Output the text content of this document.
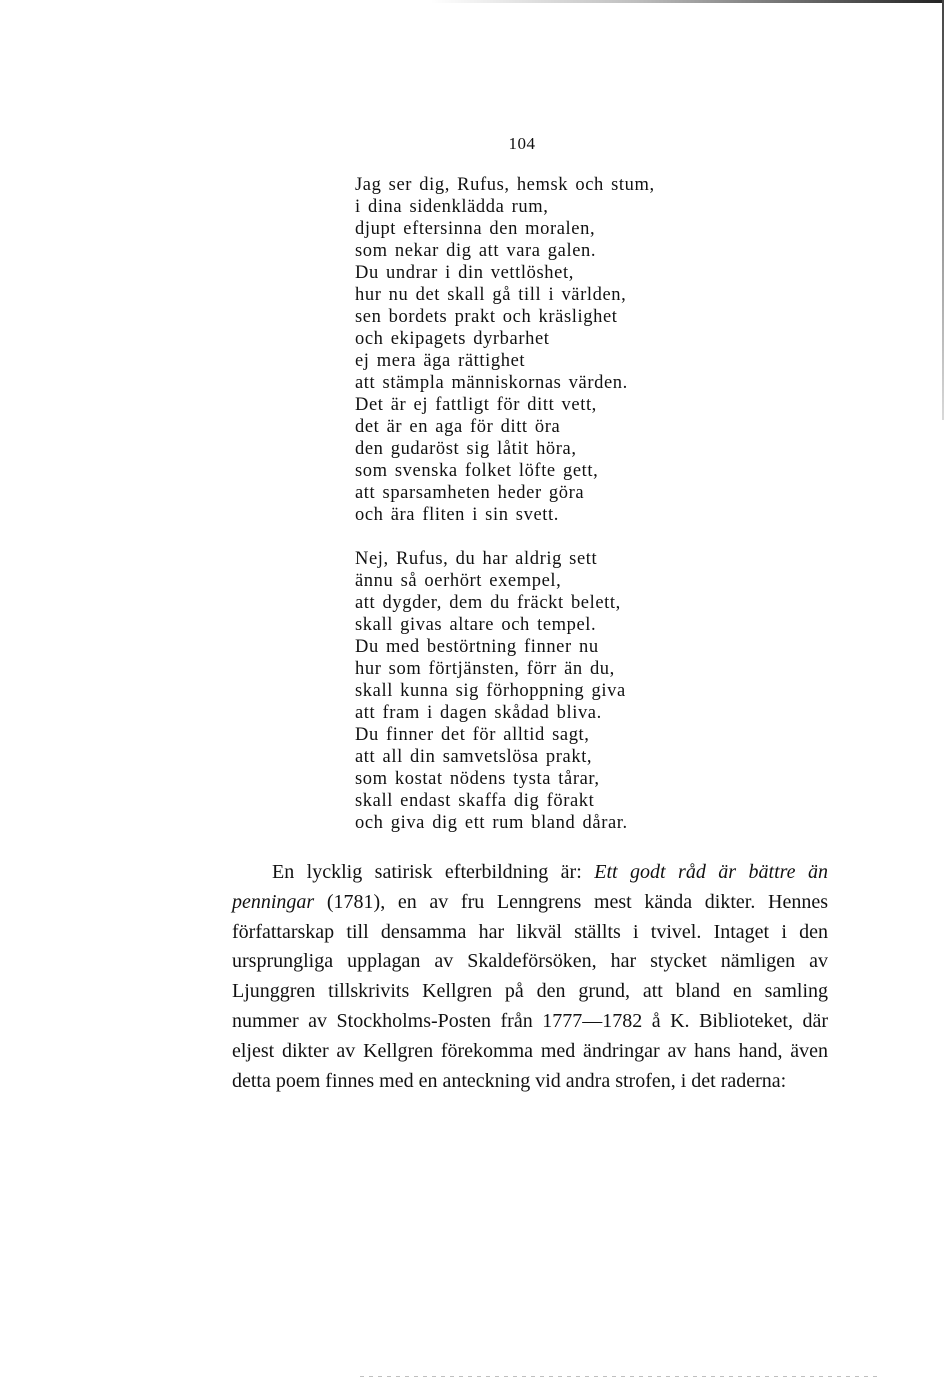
104
Jag ser dig, Rufus, hemsk och stum,
i dina sidenklädda rum,
djupt eftersinna den moralen,
som nekar dig att vara galen.
Du undrar i din vettlöshet,
hur nu det skall gå till i världen,
sen bordets prakt och kräslighet
och ekipagets dyrbarhet
ej mera äga rättighet
att stämpla människornas värden.
Det är ej fattligt för ditt vett,
det är en aga för ditt öra
den gudaröst sig låtit höra,
som svenska folket löfte gett,
att sparsamheten heder göra
och ära fliten i sin svett.
Nej, Rufus, du har aldrig sett
ännu så oerhört exempel,
att dygder, dem du fräckt belett,
skall givas altare och tempel.
Du med bestörtning finner nu
hur som förtjänsten, förr än du,
skall kunna sig förhoppning giva
att fram i dagen skådad bliva.
Du finner det för alltid sagt,
att all din samvetslösa prakt,
som kostat nödens tysta tårar,
skall endast skaffa dig förakt
och giva dig ett rum bland dårar.

En lycklig satirisk efterbildning är: Ett godt råd är bättre än penningar (1781), en av fru Lenngrens mest kända dikter. Hennes författarskap till densamma har likväl ställts i tvivel. Intaget i den ursprungliga upplagan av Skaldeförsöken, har stycket nämligen av Ljunggren tillskrivits Kellgren på den grund, att bland en samling nummer av Stockholms-Posten från 1777—1782 å K. Biblioteket, där eljest dikter av Kellgren förekomma med ändringar av hans hand, även detta poem finnes med en anteckning vid andra strofen, i det raderna:
